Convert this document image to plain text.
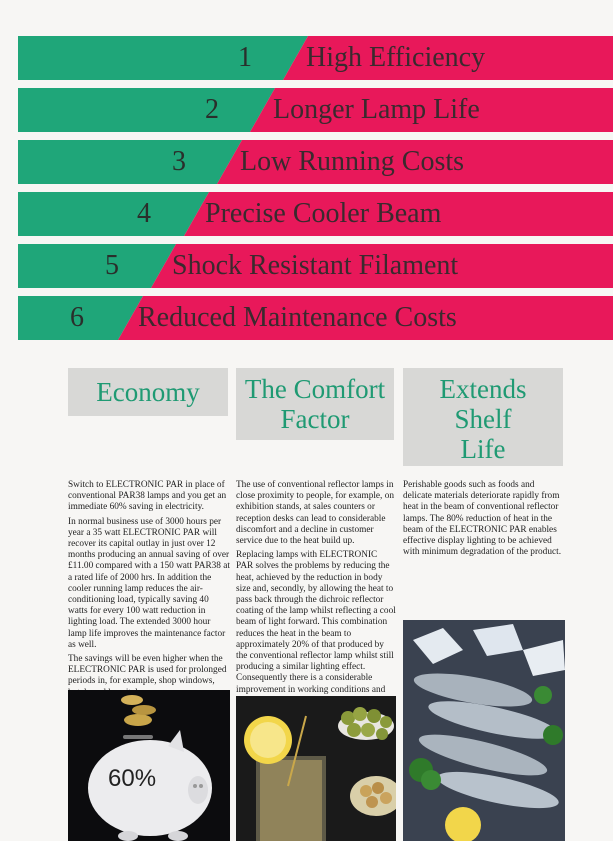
1 High Efficiency
2 Longer Lamp Life
3 Low Running Costs
4 Precise Cooler Beam
5 Shock Resistant Filament
6 Reduced Maintenance Costs
Economy	The Comfort
Factor
Extends
Shelf
Life

Switch to ELECTRONIC PAR in place of conventional PAR38 lamps and you get an immediate 60% saving in electricity.

In normal business use of 3000 hours per year a 35 watt ELECTRONIC PAR will recover its capital outlay in just over 12 months producing an annual saving of over £11.00 compared with a 150 watt PAR38 at a rated life of 2000 hrs. In addition the cooler running lamp reduces the air-conditioning load, typically saving 40 watts for every 100 watt reduction in lighting load. The extended 3000 hour lamp life improves the maintenance factor as well.

The savings will be even higher when the ELECTRONIC PAR is used for prolonged periods in, for example, shop windows,

The use of conventional reflector lamps in close proximity to people, for example, on exhibition stands, at sales counters or reception desks can lead to considerable discomfort and a decline in customer service due to the heat build up.

Replacing lamps with ELECTRONIC PAR solves the problems by reducing the heat, achieved by the reduction in body size and, secondly, by allowing the heat to pass back through the dichroic reflector coating of the lamp whilst reflecting a cool beam of light forward. This combination reduces the heat in the beam to approximately 20% of that produced by the conventional reflector lamp whilst still producing a similar lighting effect. Consequently there is a considerable improvement in working conditions and

Perishable goods such as foods and delicate materials deteriorate rapidly from heat in the beam of conventional reflector lamps. The 80% reduction of heat in the beam of the ELECTRONIC PAR enables effective display lighting to be achieved with minimum degradation of the product.

60%
